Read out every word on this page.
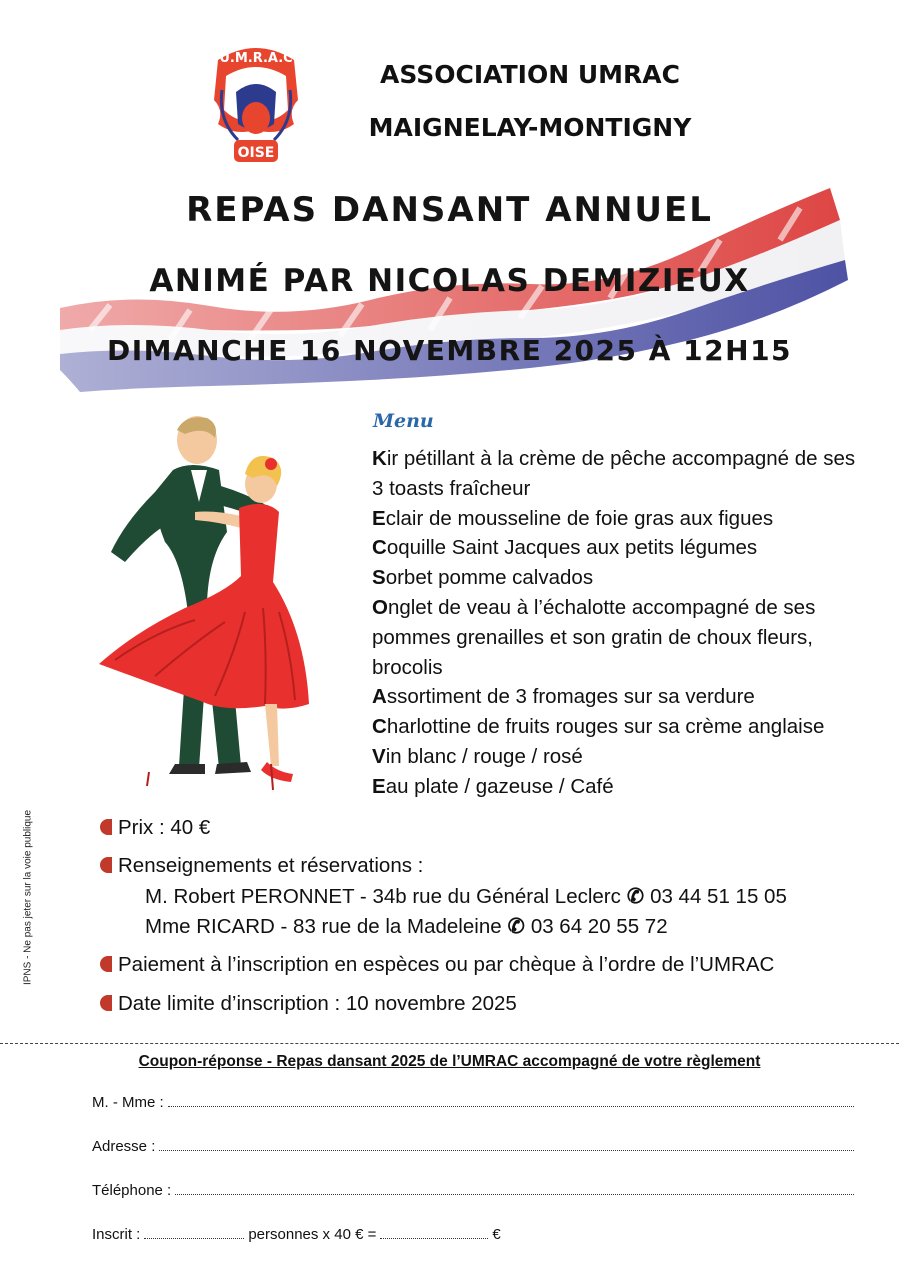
U.M.R.A.C
OISE
ASSOCIATION UMRAC
MAIGNELAY-MONTIGNY
REPAS DANSANT ANNUEL
ANIMÉ PAR NICOLAS DEMIZIEUX
DIMANCHE 16 NOVEMBRE 2025 À 12H15
Menu
Kir pétillant à la crème de pêche accompagné de ses 3 toasts fraîcheur
Eclair de mousseline de foie gras aux figues
Coquille Saint Jacques aux petits légumes
Sorbet pomme calvados
Onglet de veau à l’échalotte accompagné de ses pommes grenailles et son gratin de choux fleurs, brocolis
Assortiment de 3 fromages sur sa verdure
Charlottine de fruits rouges sur sa crème anglaise
Vin blanc / rouge / rosé
Eau plate / gazeuse / Café
IPNS - Ne pas jeter sur la voie publique	Prix : 40 €
Renseignements et réservations :
M. Robert PERONNET - 34b rue du Général Leclerc ✆ 03 44 51 15 05
Mme RICARD - 83 rue de la Madeleine ✆ 03 64 20 55 72
Paiement à l’inscription en espèces ou par chèque à l’ordre de l’UMRAC
Date limite d’inscription : 10 novembre 2025
Coupon-réponse - Repas dansant 2025 de l’UMRAC accompagné de votre règlement
M. - Mme :
Adresse :
Téléphone :
Inscrit :	personnes x 40 € =	€
